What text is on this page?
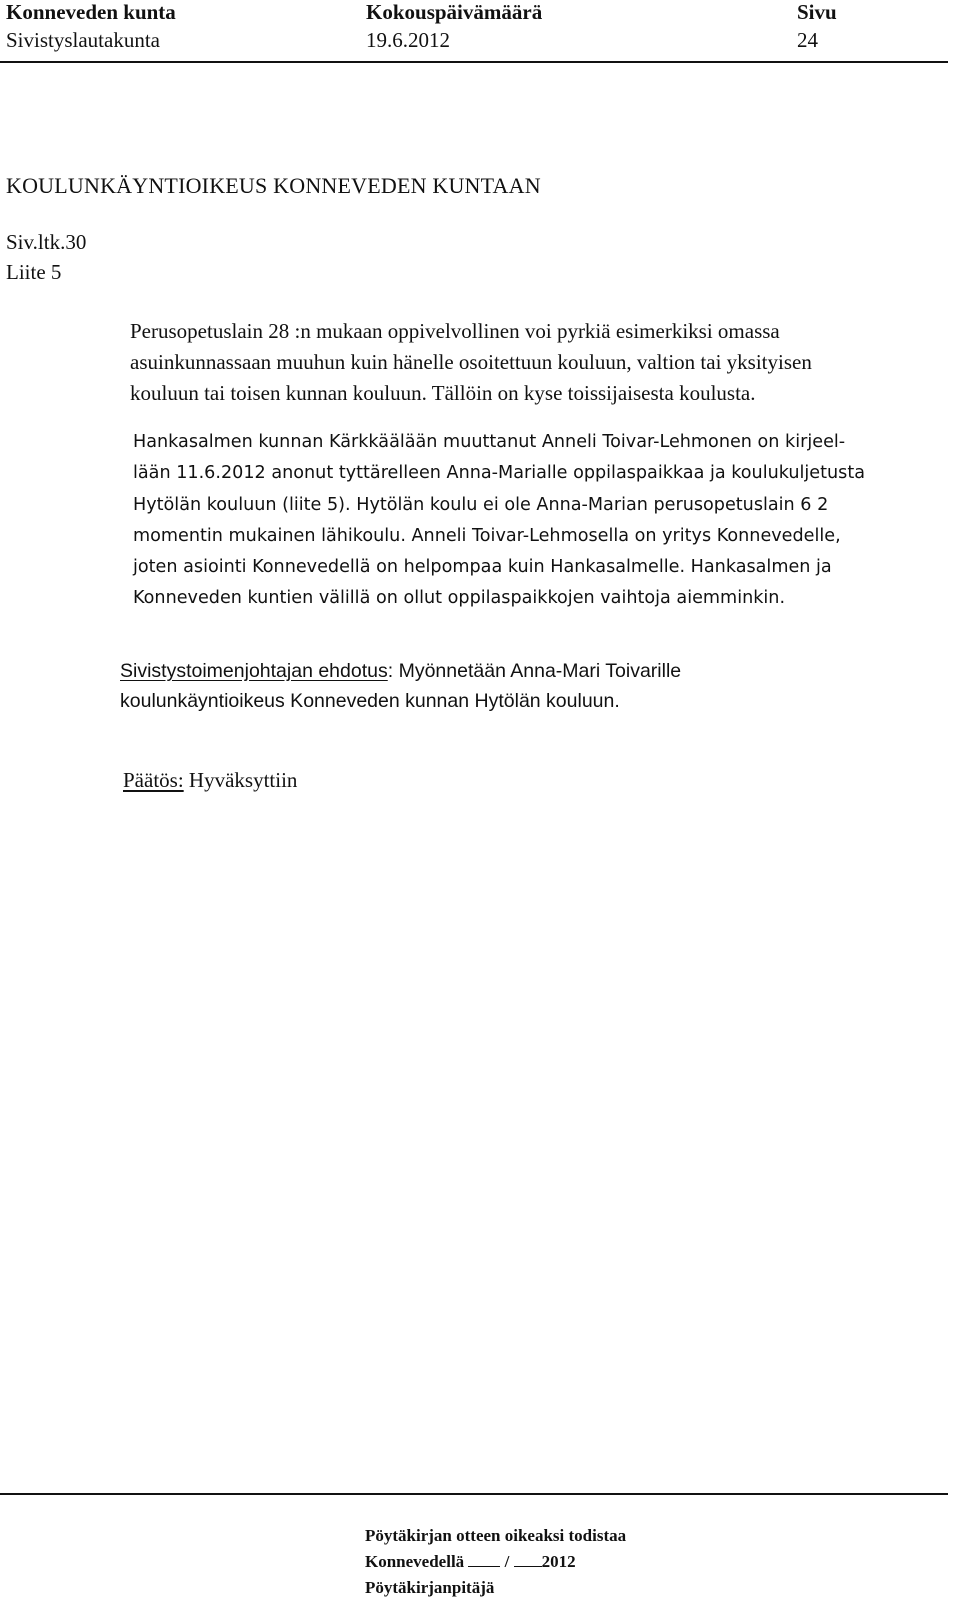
Konneveden kunta
Sivistyslautakunta
Kokouspäivämäärä
19.6.2012
Sivu
24
KOULUNKÄYNTIOIKEUS KONNEVEDEN KUNTAAN
Siv.ltk.30
Liite 5
Perusopetuslain 28 :n mukaan oppivelvollinen voi pyrkiä esimerkiksi omassa
asuinkunnassaan muuhun kuin hänelle osoitettuun kouluun, valtion tai yksityisen
kouluun tai toisen kunnan kouluun. Tällöin on kyse toissijaisesta koulusta.
Hankasalmen kunnan Kärkkäälään muuttanut Anneli Toivar-Lehmonen on kirjeel-
lään 11.6.2012 anonut tyttärelleen Anna-Marialle oppilaspaikkaa ja koulukuljetusta
Hytölän kouluun (liite 5). Hytölän koulu ei ole Anna-Marian perusopetuslain 6 2
momentin mukainen lähikoulu. Anneli Toivar-Lehmosella on yritys Konnevedelle,
joten asiointi Konnevedellä on helpompaa kuin Hankasalmelle. Hankasalmen ja
Konneveden kuntien välillä on ollut oppilaspaikkojen vaihtoja aiemminkin.
Sivistystoimenjohtajan ehdotus: Myönnetään Anna-Mari Toivarille
koulunkäyntioikeus Konneveden kunnan Hytölän kouluun.
Päätös: Hyväksyttiin
Pöytäkirjan otteen oikeaksi todistaa
Konnevedellä  / 2012
Pöytäkirjanpitäjä
